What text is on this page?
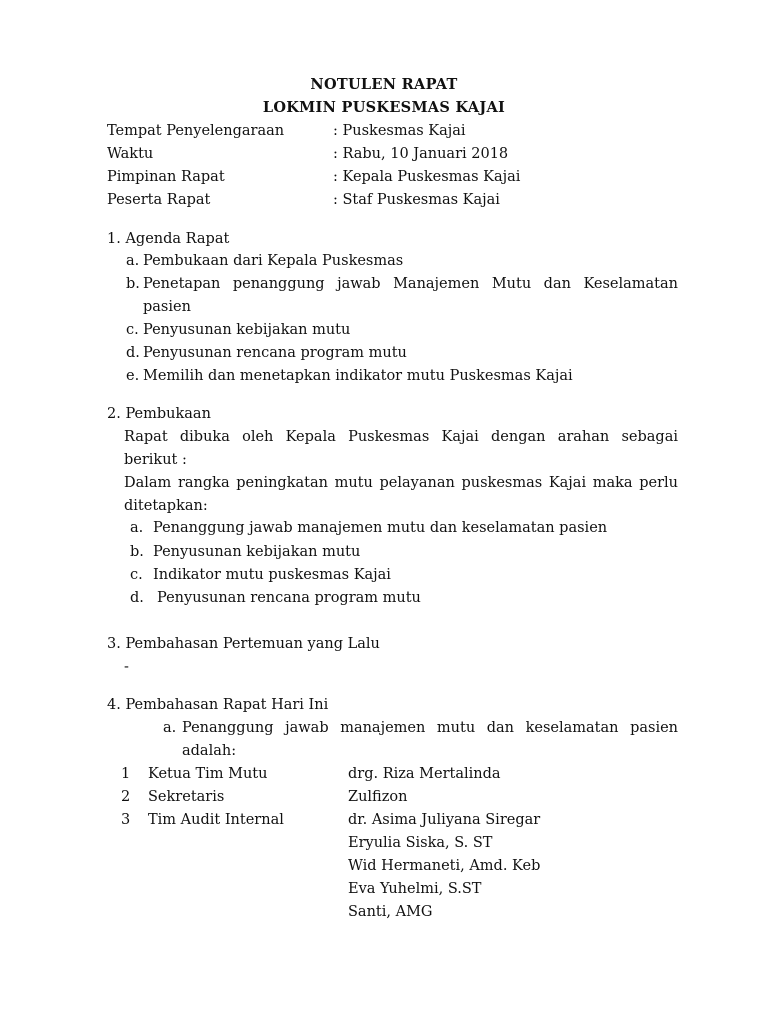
NOTULEN RAPAT
LOKMIN PUSKESMAS KAJAI
Tempat Penyelengaraan	: Puskesmas Kajai
Waktu	: Rabu, 10 Januari 2018
Pimpinan Rapat	: Kepala Puskesmas Kajai
Peserta Rapat	: Staf Puskesmas Kajai
1. Agenda Rapat
a. Pembukaan dari Kepala Puskesmas
b. Penetapan penanggung jawab Manajemen Mutu dan Keselamatan
pasien
c. Penyusunan kebijakan mutu
d. Penyusunan rencana program mutu
e. Memilih dan menetapkan indikator mutu Puskesmas Kajai
2. Pembukaan
Rapat dibuka oleh Kepala Puskesmas Kajai dengan arahan sebagai
berikut :
Dalam rangka peningkatan mutu pelayanan puskesmas Kajai maka perlu
ditetapkan:
a. Penanggung jawab manajemen mutu dan keselamatan pasien
b. Penyusunan kebijakan mutu
c. Indikator mutu puskesmas Kajai
d. Penyusunan rencana program mutu
3. Pembahasan Pertemuan yang Lalu
-
4. Pembahasan Rapat Hari Ini
a. Penanggung jawab manajemen mutu dan keselamatan pasien
adalah:
1 Ketua Tim Mutu	drg. Riza Mertalinda
2 Sekretaris	Zulfizon
3 Tim Audit Internal	dr. Asima Juliyana Siregar
Eryulia Siska, S. ST
Wid Hermaneti, Amd. Keb
Eva Yuhelmi, S.ST
Santi, AMG
